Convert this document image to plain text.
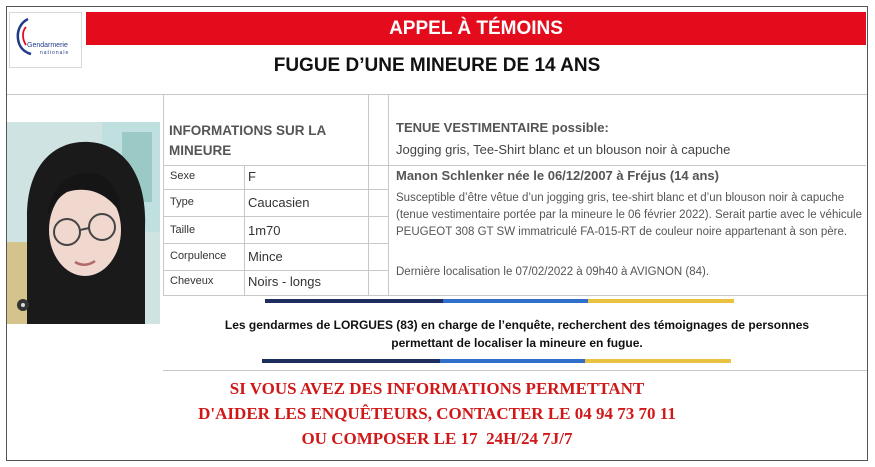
Gendarmerie
nationale
APPEL À TÉMOINS
FUGUE D’UNE MINEURE DE 14 ANS
INFORMATIONS SUR LA MINEURE
Sexe	F
Type	Caucasien
Taille	1m70
Corpulence Mince
Cheveux	Noirs - longs
TENUE VESTIMENTAIRE possible:
Jogging gris, Tee-Shirt blanc et un blouson noir à capuche
Manon Schlenker née le 06/12/2007 à Fréjus (14 ans)
Susceptible d’être vêtue d’un jogging gris, tee-shirt blanc et d’un blouson noir à capuche (tenue vestimentaire portée par la mineure le 06 février 2022). Serait partie avec le véhicule PEUGEOT 308 GT SW immatriculé FA-015-RT de couleur noire appartenant à son père.
Dernière localisation le 07/02/2022 à 09h40 à AVIGNON (84).
Les gendarmes de LORGUES (83) en charge de l’enquête, recherchent des témoignages de personnes
permettant de localiser la mineure en fugue.
SI VOUS AVEZ DES INFORMATIONS PERMETTANT
D'AIDER LES ENQUÊTEURS, CONTACTER LE 04 94 73 70 11
OU COMPOSER LE 17  24H/24 7J/7
